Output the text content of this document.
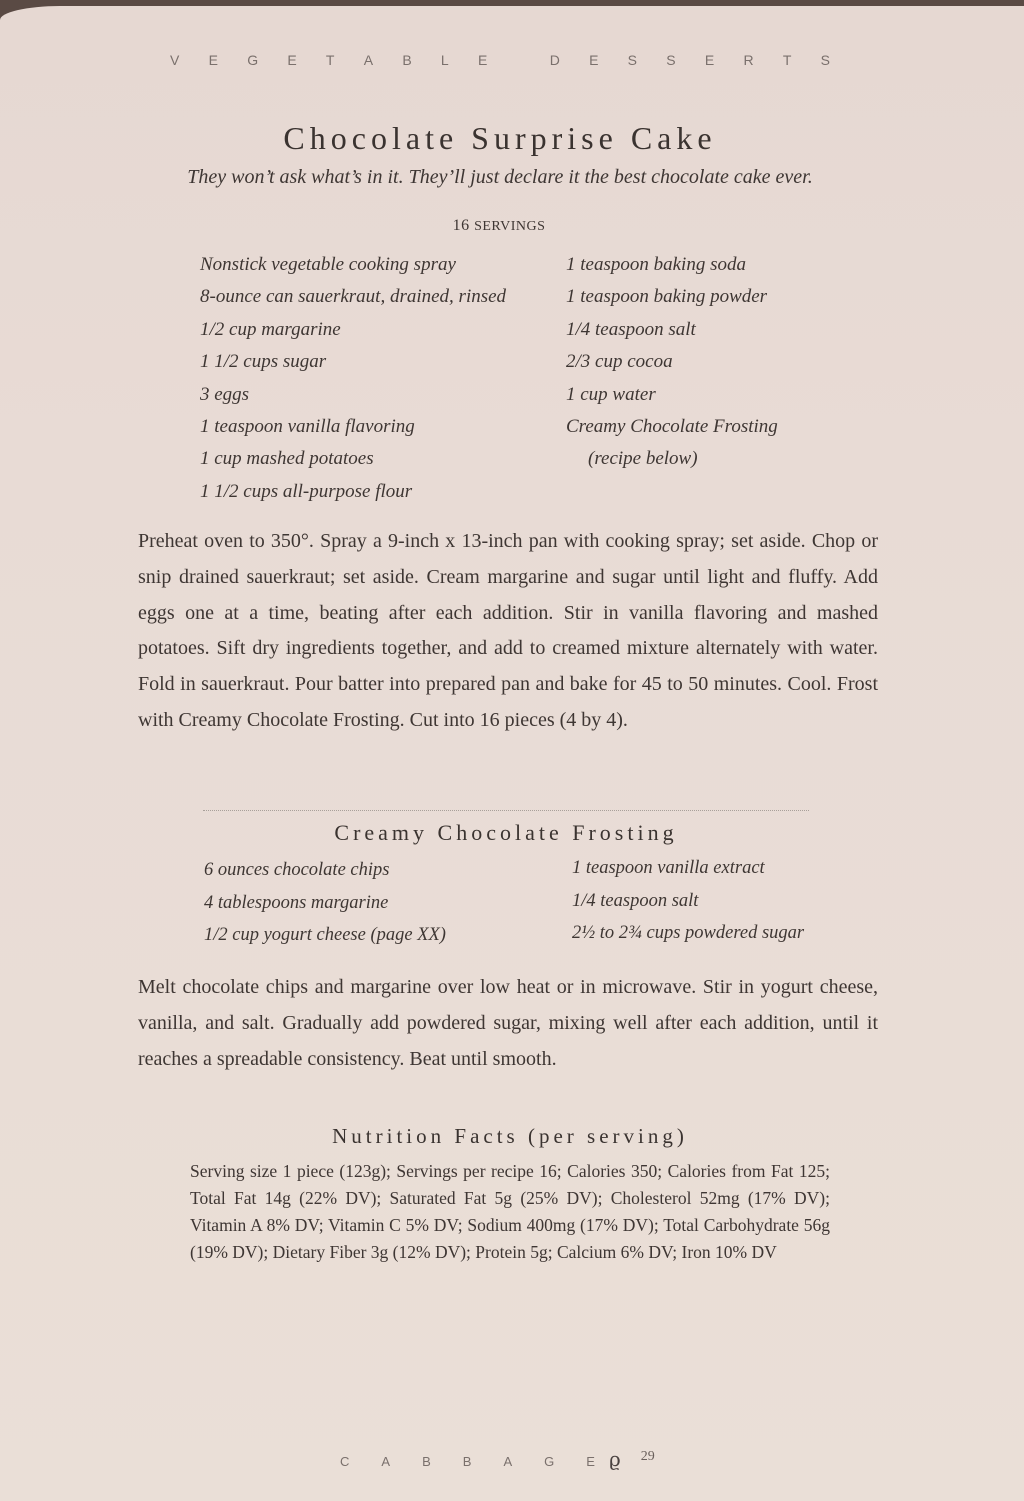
V E G E T A B L E
	D E S S E R T S
Chocolate Surprise Cake
They won’t ask what’s in it. They’ll just declare it the best chocolate cake ever.
16 SERVINGS
Nonstick vegetable cooking spray
8-ounce can sauerkraut, drained, rinsed
1/2 cup margarine
1 1/2 cups sugar
3 eggs
1 teaspoon vanilla flavoring
1 cup mashed potatoes
1 1/2 cups all-purpose flour
1 teaspoon baking soda
1 teaspoon baking powder
1/4 teaspoon salt
2/3 cup cocoa
1 cup water
Creamy Chocolate Frosting
(recipe below)

Preheat oven to 350°. Spray a 9-inch x 13-inch pan with cooking spray; set aside. Chop or snip drained sauerkraut; set aside. Cream margarine and sugar until light and fluffy. Add eggs one at a time, beating after each addition. Stir in vanilla flavoring and mashed potatoes. Sift dry ingredients together, and add to creamed mixture alternately with water. Fold in sauerkraut. Pour batter into prepared pan and bake for 45 to 50 minutes. Cool. Frost with Creamy Chocolate Frosting. Cut into 16 pieces (4 by 4).

Creamy Chocolate Frosting
6 ounces chocolate chips
4 tablespoons margarine
1/2 cup yogurt cheese (page XX)
1 teaspoon vanilla extract
1/4 teaspoon salt
2½ to 2¾ cups powdered sugar

Melt chocolate chips and margarine over low heat or in microwave. Stir in yogurt cheese, vanilla, and salt. Gradually add powdered sugar, mixing well after each addition, until it reaches a spreadable consistency. Beat until smooth.

Nutrition Facts (per serving)

Serving size 1 piece (123g); Servings per recipe 16; Calories 350; Calories from Fat 125; Total Fat 14g (22% DV); Saturated Fat 5g (25% DV); Cholesterol 52mg (17% DV); Vitamin A 8% DV; Vitamin C 5% DV; Sodium 400mg (17% DV); Total Carbohydrate 56g (19% DV); Dietary Fiber 3g (12% DV); Protein 5g; Calcium 6% DV; Iron 10% DV

C A B B A G E ϱ 29
